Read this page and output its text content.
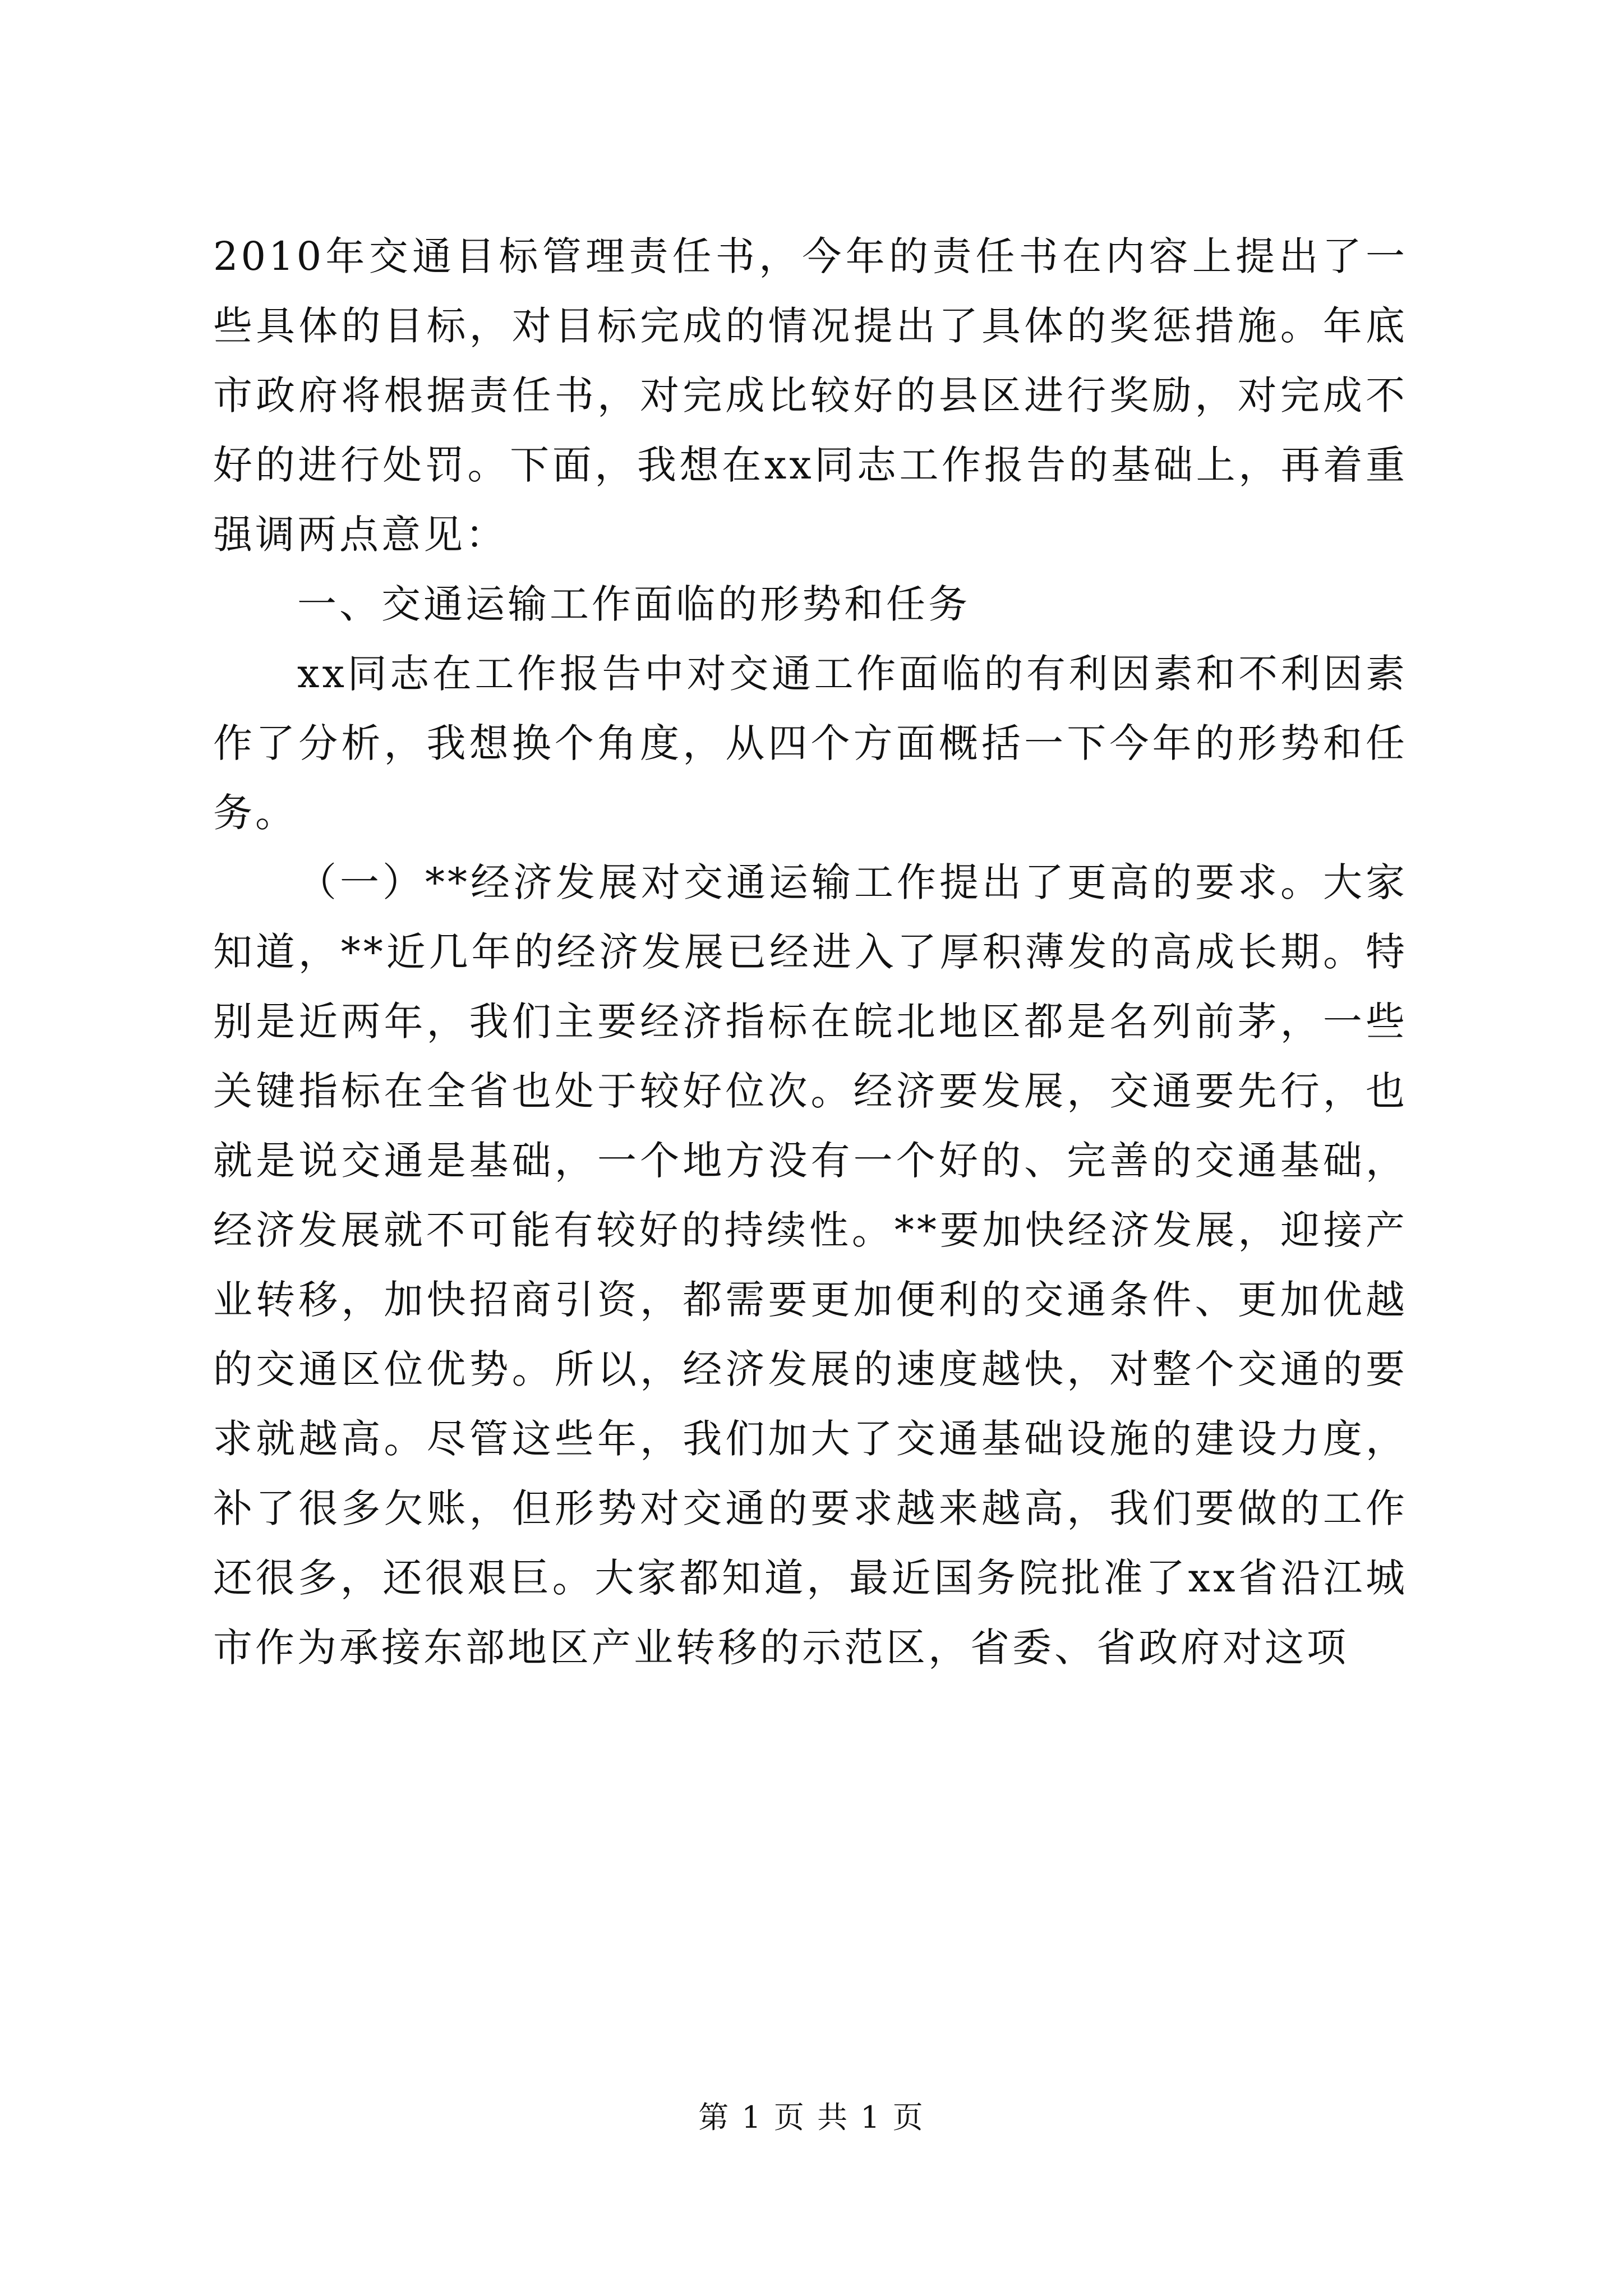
2010年交通目标管理责任书，今年的责任书在内容上提出了一些具体的目标，对目标完成的情况提出了具体的奖惩措施。年底市政府将根据责任书，对完成比较好的县区进行奖励，对完成不好的进行处罚。下面，我想在xx同志工作报告的基础上，再着重强调两点意见：

一、交通运输工作面临的形势和任务

xx同志在工作报告中对交通工作面临的有利因素和不利因素作了分析，我想换个角度，从四个方面概括一下今年的形势和任务。

（一）**经济发展对交通运输工作提出了更高的要求。大家知道，**近几年的经济发展已经进入了厚积薄发的高成长期。特别是近两年，我们主要经济指标在皖北地区都是名列前茅，一些关键指标在全省也处于较好位次。经济要发展，交通要先行，也就是说交通是基础，一个地方没有一个好的、完善的交通基础，经济发展就不可能有较好的持续性。**要加快经济发展，迎接产业转移，加快招商引资，都需要更加便利的交通条件、更加优越的交通区位优势。所以，经济发展的速度越快，对整个交通的要求就越高。尽管这些年，我们加大了交通基础设施的建设力度，补了很多欠账，但形势对交通的要求越来越高，我们要做的工作还很多，还很艰巨。大家都知道，最近国务院批准了xx省沿江城市作为承接东部地区产业转移的示范区，省委、省政府对这项

第 1 页 共 1 页
